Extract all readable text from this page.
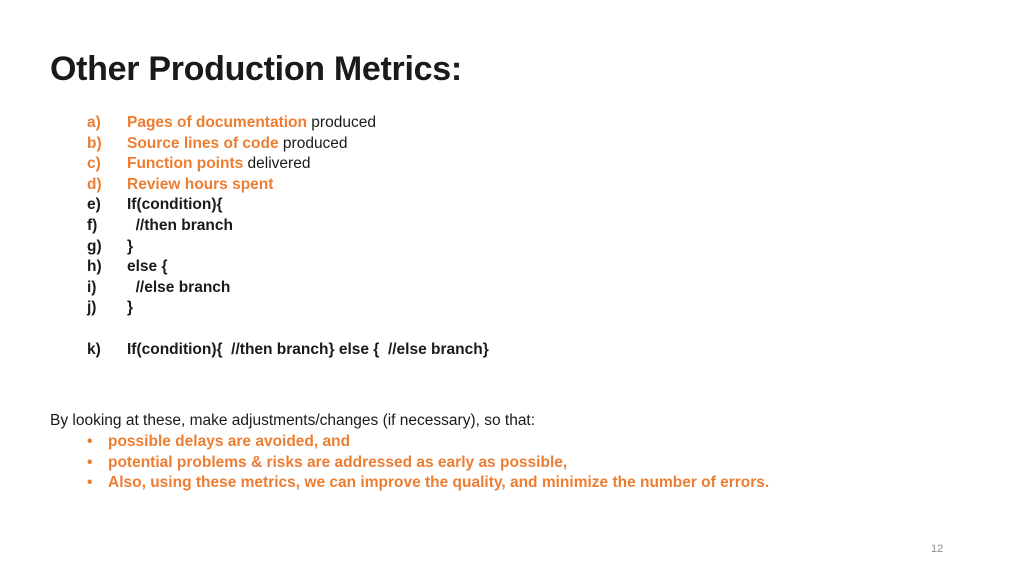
Other Production Metrics:
a)	Pages of documentation produced
b)	Source lines of code produced
c)	Function points delivered
d)	Review hours spent
e)	If(condition){
f)	//then branch
g)	}
h)	else {
i)	//else branch
j)	}
k)	If(condition){  //then branch} else {  //else branch}
By looking at these, make adjustments/changes (if necessary), so that:
•	possible delays are avoided, and
•	potential problems & risks are addressed as early as possible,
•	Also, using these metrics, we can improve the quality, and minimize the number of errors.
12
